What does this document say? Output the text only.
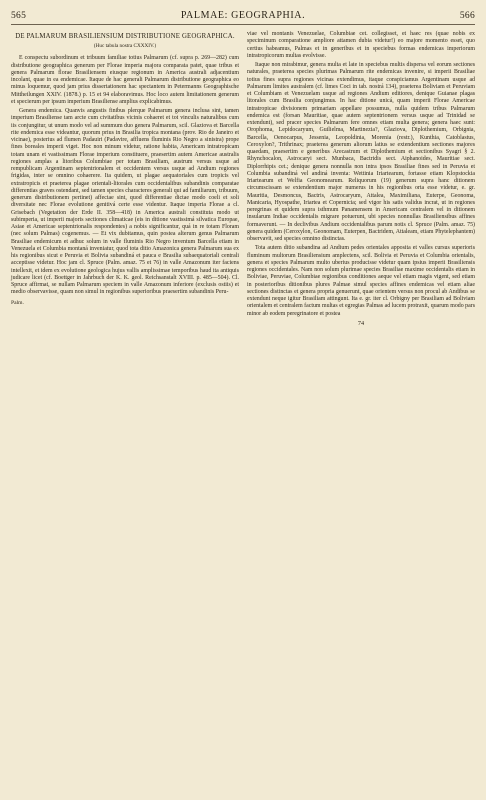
565	PALMAE: GEOGRAPHIA.	566
DE PALMARUM BRASILIENSIUM DISTRIBUTIONE GEOGRAPHICA.
(Huc tabula nostra CXXXIV.)

E conspectu subordinum et tribuum familiae totius Palmarum (cf. supra p. 269—282) cum distributione geographica generum per Florae imperia majora comparata patet, quae tribus et genera Palmarum florae Brasiliensem eiusque regionum in America australi adjacentium incolant, quae in ea endemicae. Itaque de hac generali Palmarum distributione geographica eo minus loquemur, quod jam prius dissertationem hac spectantem in Petermanns Geographische Mittheilungen XXIV. (1878.) p. 15 et 94 elaboravimus. Hoc loco autem limitationem generum et specierum per ipsum imperium Brasiliense amplius explicabimus.

Genera endemica. Quanvis angustis finibus plerque Palmarum genera inclusa sint, tamen imperium Brasiliense tam arcte cum civitatibus vicinis cohaeret et tot vinculis naturalibus cum iis conjungitur, ut unum modo vel ad summum duo genera Palmarum, scil. Glaziova et Barcella rite endemica esse videantur, quorum prius in Brasilia tropica montana (prov. Rio de Janeiro et vicinae), posterius ad flumen Padauiri (Padavire, affluens fluminis Rio Negro a sinistra) prope fines boreales imperii viget. Hoc non minum videtur, ratione habita, Americam intratropicam totam unam et vastissimam Florae imperium constituere, praesertim autem Americae australis regiones amplas a litoribus Columbiae per totam Brasiliam, austrum versus usque ad rempublicam Argentinam septentrionalem et occidentem versus usque ad Andium regiones frigidas, inter se omnino cohaerere. Ita quidem, ut plagae aequatoriales cum tropicis vel extratropicis et praeterea plagae orientali-litorales cum occidentalibus subandinis comparatae differentias graves ostendant, sed tamen species characteres generali qui ad familiarum, tribuum, generum distributionem pertinet) affectae sint, quod differentiae dictae modo coeli et soli diversitate nec Florae evolutione genitivá certe esse videntur. Itaque imperia Florae a cl. Grisebach (Vegetation der Erde II. 358—418) in America australi constituta modo ut subimperia, ut imperii majoris sectiones climaticae (eis in ditione vastissimá silvatica Europae, Asiae et Americae septentrionalis respondentes) a nobis significantur, quá in re totam Floram (nec solum Palmas) cogenemus. — Et vix dubitamus, quin postea alterum genus Palmarum Brasiliae endemicum et adhuc solum in valle fluminis Rio Negro inventum Barcella etiam in Venezuela et Columbia montaná inveniatur, quod tota ditio Amazonica genera Palmarum sua ex his regionibus sicut e Peruvia et Bolivia subandiná et pauca e Brasilia subaequatoriali centrali acceptisse videtur. Hoc jam cl. Spruce (Palm. amaz. 75 et 76) in valle Amazonum iter faciens intellexit, et idem ex evolutione geologica hujus vallis amplissimae temporibus haud ita antiquis judicare licet (cf. Boettger in Jahrbuch der K. K. geol. Reichsanstalt XVIII. p. 485—504). Cl. Spruce affirmat, se nullam Palmarum speciem in valle Amazonum inferiore (exclusis ostiis) et medio observavisse, quam non simul in regionibus superioribus praesertim subandinis Peru-

Palm.

viae vel montanis Venezuelae, Columbiae cet. collegisset, et haec res (quae nobis ex speciminum comparatione ampliore attamen dubia videtur!) eo majore momento esset, quo certius habeamus, Palmas et in generibus et in speciebus formas endemicas imperiorum intratropicorum multas evolvisse.

Itaque non mirabimur, genera multa et late in speciebus multis dispersa vel eorum sectiones naturales, praeterea species plurimas Palmarum rite endemicas invenire, si imperii Brasiliae totius fines supra regiones vicinas extendimus, itaque conspiciamus Argentinam usque ad Palmarum limites australem (cf. limes Coci in tab. nostrá 134), praeterea Boliviam et Peruviam et Columbiam et Venezuelam usque ad regiones Andium editiores, denique Guianae plagas litorales cum Brasilia conjungimus. In hac ditione unicá, quam imperii Florae Americae intratropicae divisionem primariam appellare possumus, nulla quidem tribus Palmarum endemica est (forsan Mauritiae, quae autem septentrionem versus usque ad Trinidad se extendunt), sed pracer species Palmarum fere omnes etiam multa genera; genera haec sunt: Orophoma, Lepidocaryum, Guilielma, Martinezia?, Glaziova, Diplothemium, Orbignia, Barcella, Oenocarpus, Jessenia, Leopoldinia, Morenia (restr.), Kunthia, Catoblastus, Ceroxylon?, Trithrinax; praeterea generum aliorum latius se extendentium sectiones majores quaedam, praesertim e generibus Arecastrum et Diplothemium et sectionibus Syagri § 2. Rhynchocalon, Astrocaryi sect. Munbaca, Bactridis sect. Aiphanoides, Mauritiae sect. Diplorrhipis cet.; denique genera nonnulla non intra ipsos Brasiliae fines sed in Peruvia et Columbia subandiná vel andiná inventa: Wettinia Iriartearum, fortasse etiam Klopstockia Iriartearum et Welfia Geonomearum. Reliquorum (19) generum supra hanc ditionem circumscissam se extendentium major numerus in his regionibus orta esse videtur, e. gr. Mauritia, Desmoncus, Bactris, Astrocaryum, Attalea, Maximiliana, Euterpe, Geonoma, Manicaria, Hyospathe, Iriartea et Copernicia; sed vigor his satis validus incrat, ut in regiones peregrinas et quidem supra isthmum Panamensem in Americam centralem vel in ditionem insularum Indiae occidentalis migrare potuerunt, ubi species nonnullas Brasiliensibus affines formaverunt. — In declivibus Andium occidentalibus parum notis cl. Spruce (Palm. amaz. 75) genera quidem (Ceroxylon, Geonomam, Euterpen, Bactridem, Attaleam, etiam Phytelephantem) observavit, sed species omnino distinctas.

Tota autem ditio subandina ad Andium pedes orientales apposita et valles cursus superioris fluminum multorum Brasiliensium amplectens, scil. Bolivia et Peruvia et Columbia orientalis, genera et species Palmarum multo uberius producisse videtur quam ipsius imperii Brasiliensis regiones occidentales. Nam non solum plurimae species Brasiliae maxime occidentalis etiam in Boliviae, Peruviae, Columbiae regionibus conditiones aeque vel etiam magis vigent, sed etiam in posterioribus ditionibus plures Palmae simul species affines endemicas vel etiam aliae sectiones distinctas et genera propria genuerunt, quae orientem versus non procul ab Andibus se extendunt neque igitur Brasiliam attingunt. Ita e. gr. iter cl. Orbigny per Brasiliam ad Boliviam orientalem et centralem factum multas et egregias Palmas ad lucem protraxit, quarum modo pars minor ab eodem peregrinatore et postea

74
